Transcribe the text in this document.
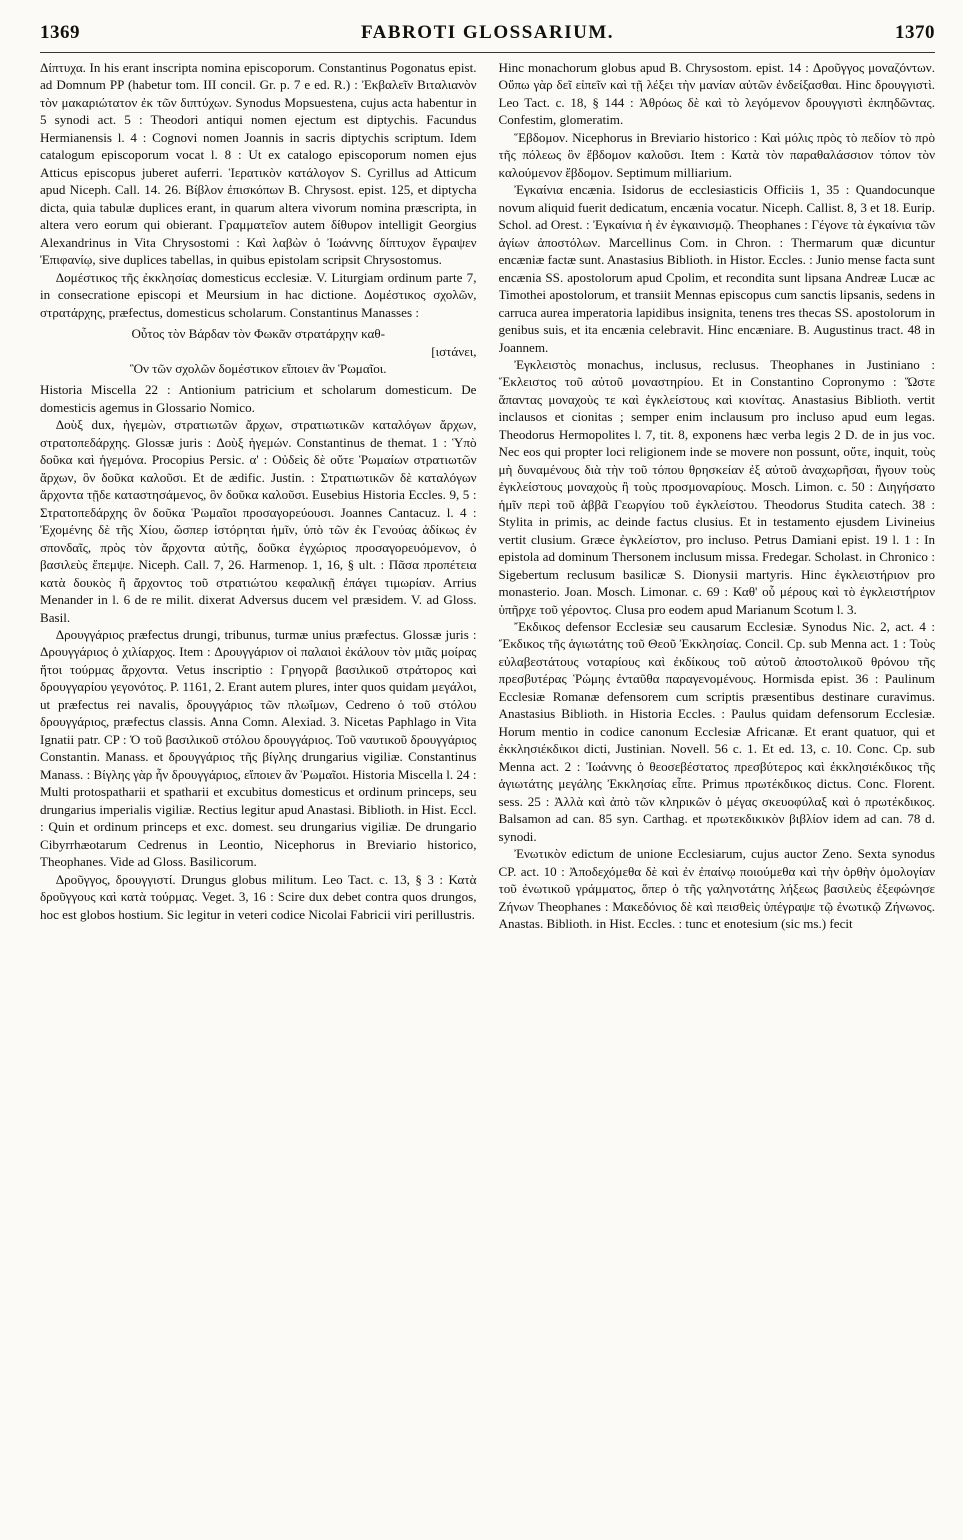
1369	FABROTI GLOSSARIUM.	1370

Δίπτυχα. In his erant inscripta nomina episcoporum. Constantinus Pogonatus epist. ad Domnum PP (habetur tom. III concil. Gr. p. 7 e ed. R.) : Ἐκβαλεῖν Βιταλιανὸν τὸν μακαριώτατον ἐκ τῶν διπτύχων. Synodus Mopsuestena, cujus acta habentur in 5 synodi act. 5 : Theodori antiqui nomen ejectum est diptychis. Facundus Hermianensis l. 4 : Cognovi nomen Joannis in sacris diptychis scriptum. Idem catalogum episcoporum vocat l. 8 : Ut ex catalogo episcoporum nomen ejus Atticus episcopus juberet auferri. Ἱερατικὸν κατάλογον S. Cyrillus ad Atticum apud Niceph. Call. 14. 26. Βίβλον ἐπισκόπων B. Chrysost. epist. 125, et diptycha dicta, quia tabulæ duplices erant, in quarum altera vivorum nomina præscripta, in altera vero eorum qui obierant. Γραμματεῖον autem δίθυρον intelligit Georgius Alexandrinus in Vita Chrysostomi : Καὶ λαβὼν ὁ Ἰωάννης δίπτυχον ἔγραψεν Ἐπιφανίῳ, sive duplices tabellas, in quibus epistolam scripsit Chrysostomus.

Δομέστικος τῆς ἐκκλησίας domesticus ecclesiæ. V. Liturgiam ordinum parte 7, in consecratione episcopi et Meursium in hac dictione. Δομέστικος σχολῶν, στρατάρχης, præfectus, domesticus scholarum. Constantinus Manasses :

Οὗτος τὸν Βάρδαν τὸν Φωκᾶν στρατάρχην καθ-
[ιστάνει,
Ὃν τῶν σχολῶν δομέστικον εἴποιεν ἂν Ῥωμαῖοι.

Historia Miscella 22 : Antionium patricium et scholarum domesticum. De domesticis agemus in Glossario Nomico.

Δοὺξ dux, ἡγεμὼν, στρατιωτῶν ἄρχων, στρατιωτικῶν καταλόγων ἄρχων, στρατοπεδάρχης. Glossæ juris : Δοὺξ ἡγεμών. Constantinus de themat. 1 : Ὑπὸ δοῦκα καὶ ἡγεμόνα. Procopius Persic. α' : Οὐδεὶς δὲ οὔτε Ῥωμαίων στρατιωτῶν ἄρχων, ὃν δοῦκα καλοῦσι. Et de ædific. Justin. : Στρατιωτικῶν δὲ καταλόγων ἄρχοντα τῇδε καταστησάμενος, ὃν δοῦκα καλοῦσι. Eusebius Historia Eccles. 9, 5 : Στρατοπεδάρχης ὃν δοῦκα Ῥωμαῖοι προσαγορεύουσι. Joannes Cantacuz. l. 4 : Ἐχομένης δὲ τῆς Χίου, ὥσπερ ἱστόρηται ἡμῖν, ὑπὸ τῶν ἐκ Γενούας ἀδίκως ἐν σπονδαῖς, πρὸς τὸν ἄρχοντα αὐτῆς, δοῦκα ἐγχώριος προσαγορευόμενον, ὁ βασιλεὺς ἔπεμψε. Niceph. Call. 7, 26. Harmenop. 1, 16, § ult. : Πᾶσα προπέτεια κατὰ δουκὸς ἢ ἄρχοντος τοῦ στρατιώτου κεφαλικῇ ἐπάγει τιμωρίαν. Arrius Menander in l. 6 de re milit. dixerat Adversus ducem vel præsidem. V. ad Gloss. Basil.

Δρουγγάριος præfectus drungi, tribunus, turmæ unius præfectus. Glossæ juris : Δρουγγάριος ὁ χιλίαρχος. Item : Δρουγγάριον οἱ παλαιοὶ ἐκάλουν τὸν μιᾶς μοίρας ἤτοι τούρμας ἄρχοντα. Vetus inscriptio : Γρηγορᾶ βασιλικοῦ στράτορος καὶ δρουγγαρίου γεγονότος. P. 1161, 2. Erant autem plures, inter quos quidam μεγάλοι, ut præfectus rei navalis, δρουγγάριος τῶν πλωΐμων, Cedreno ὁ τοῦ στόλου δρουγγάριος, præfectus classis. Anna Comn. Alexiad. 3. Nicetas Paphlago in Vita Ignatii patr. CP : Ὁ τοῦ βασιλικοῦ στόλου δρουγγάριος. Τοῦ ναυτικοῦ δρουγγάριος Constantin. Manass. et δρουγγάριος τῆς βίγλης drungarius vigiliæ. Constantinus Manass. : Βίγλης γὰρ ἦν δρουγγάριος, εἴποιεν ἂν Ῥωμαῖοι. Historia Miscella l. 24 : Multi protospatharii et spatharii et excubitus domesticus et ordinum princeps, seu drungarius imperialis vigiliæ. Rectius legitur apud Anastasi. Biblioth. in Hist. Eccl. : Quin et ordinum princeps et exc. domest. seu drungarius vigiliæ. De drungario Cibyrrhæotarum Cedrenus in Leontio, Nicephorus in Breviario historico, Theophanes. Vide ad Gloss. Basilicorum.

Δροῦγγος, δρουγγιστί. Drungus globus militum. Leo Tact. c. 13, § 3 : Κατὰ δροῦγγους καὶ κατὰ τούρμας. Veget. 3, 16 : Scire dux debet contra quos drungos, hoc est globos hostium. Sic legitur in veteri codice Nicolai Fabricii viri perillustris.

Hinc monachorum globus apud B. Chrysostom. epist. 14 : Δροῦγγος μοναζόντων. Οὔπω γὰρ δεῖ εἰπεῖν καὶ τῇ λέξει τὴν μανίαν αὐτῶν ἐνδείξασθαι. Hinc δρουγγιστὶ. Leo Tact. c. 18, § 144 : Ἀθρόως δὲ καὶ τὸ λεγόμενον δρουγγιστὶ ἐκπηδῶντας. Confestim, glomeratim.

Ἕβδομον. Nicephorus in Breviario historico : Καὶ μόλις πρὸς τὸ πεδίον τὸ πρὸ τῆς πόλεως ὃν ἕβδομον καλοῦσι. Item : Κατὰ τὸν παραθαλάσσιον τόπον τὸν καλούμενον ἕβδομον. Septimum milliarium.

Ἐγκαίνια encænia. Isidorus de ecclesiasticis Officiis 1, 35 : Quandocunque novum aliquid fuerit dedicatum, encænia vocatur. Niceph. Callist. 8, 3 et 18. Eurip. Schol. ad Orest. : Ἐγκαίνια ἡ ἐν ἐγκαινισμῷ. Theophanes : Γέγονε τὰ ἐγκαίνια τῶν ἁγίων ἀποστόλων. Marcellinus Com. in Chron. : Thermarum quæ dicuntur encæniæ factæ sunt. Anastasius Biblioth. in Histor. Eccles. : Junio mense facta sunt encænia SS. apostolorum apud Cpolim, et recondita sunt lipsana Andreæ Lucæ ac Timothei apostolorum, et transiit Mennas episcopus cum sanctis lipsanis, sedens in carruca aurea imperatoria lapidibus insignita, tenens tres thecas SS. apostolorum in genibus suis, et ita encænia celebravit. Hinc encæniare. B. Augustinus tract. 48 in Joannem.

Ἐγκλειστὸς monachus, inclusus, reclusus. Theophanes in Justiniano : Ἔκλειστος τοῦ αὐτοῦ μοναστηρίου. Et in Constantino Copronymo : Ὥστε ἅπαντας μοναχοὺς τε καὶ ἐγκλείστους καὶ κιονίτας. Anastasius Biblioth. vertit inclausos et cionitas ; semper enim inclausum pro incluso apud eum legas. Theodorus Hermopolites l. 7, tit. 8, exponens hæc verba legis 2 D. de in jus voc. Nec eos qui propter loci religionem inde se movere non possunt, οὔτε, inquit, τοὺς μὴ δυναμένους διὰ τὴν τοῦ τόπου θρησκείαν ἐξ αὐτοῦ ἀναχωρῆσαι, ἤγουν τοὺς ἐγκλείστους μοναχοὺς ἢ τοὺς προσμοναρίους. Mosch. Limon. c. 50 : Διηγήσατο ἡμῖν περὶ τοῦ ἀββᾶ Γεωργίου τοῦ ἐγκλείστου. Theodorus Studita catech. 38 : Stylita in primis, ac deinde factus clusius. Et in testamento ejusdem Livineius vertit clusium. Græce ἐγκλείστον, pro incluso. Petrus Damiani epist. 19 l. 1 : In epistola ad dominum Thersonem inclusum missa. Fredegar. Scholast. in Chronico : Sigebertum reclusum basilicæ S. Dionysii martyris. Hinc ἐγκλειστήριον pro monasterio. Joan. Mosch. Limonar. c. 69 : Καθ' οὗ μέρους καὶ τὸ ἐγκλειστήριον ὑπῆρχε τοῦ γέροντος. Clusa pro eodem apud Marianum Scotum l. 3.

Ἔκδικος defensor Ecclesiæ seu causarum Ecclesiæ. Synodus Nic. 2, act. 4 : Ἔκδικος τῆς ἁγιωτάτης τοῦ Θεοῦ Ἐκκλησίας. Concil. Cp. sub Menna act. 1 : Τοὺς εὐλαβεστάτους νοταρίους καὶ ἐκδίκους τοῦ αὐτοῦ ἀποστολικοῦ θρόνου τῆς πρεσβυτέρας Ῥώμης ἐνταῦθα παραγενομένους. Hormisda epist. 36 : Paulinum Ecclesiæ Romanæ defensorem cum scriptis præsentibus destinare curavimus. Anastasius Biblioth. in Historia Eccles. : Paulus quidam defensorum Ecclesiæ. Horum mentio in codice canonum Ecclesiæ Africanæ. Et erant quatuor, qui et ἐκκλησιέκδικοι dicti, Justinian. Novell. 56 c. 1. Et ed. 13, c. 10. Conc. Cp. sub Menna act. 2 : Ἰωάννης ὁ θεοσεβέστατος πρεσβύτερος καὶ ἐκκλησιέκδικος τῆς ἁγιωτάτης μεγάλης Ἐκκλησίας εἶπε. Primus πρωτέκδικος dictus. Conc. Florent. sess. 25 : Ἀλλὰ καὶ ἀπὸ τῶν κληρικῶν ὁ μέγας σκευοφύλαξ καὶ ὁ πρωτέκδικος. Balsamon ad can. 85 syn. Carthag. et πρωτεκδικικὸν βιβλίον idem ad can. 78 d. synodi.

Ἐνωτικὸν edictum de unione Ecclesiarum, cujus auctor Zeno. Sexta synodus CP. act. 10 : Ἀποδεχόμεθα δὲ καὶ ἐν ἐπαίνῳ ποιούμεθα καὶ τὴν ὀρθὴν ὁμολογίαν τοῦ ἐνωτικοῦ γράμματος, ὅπερ ὁ τῆς γαληνοτάτης λήξεως βασιλεὺς ἐξεφώνησε Ζήνων Theophanes : Μακεδόνιος δὲ καὶ πεισθεὶς ὑπέγραψε τῷ ἐνωτικῷ Ζήνωνος. Anastas. Biblioth. in Hist. Eccles. : tunc et enotesium (sic ms.) fecit
